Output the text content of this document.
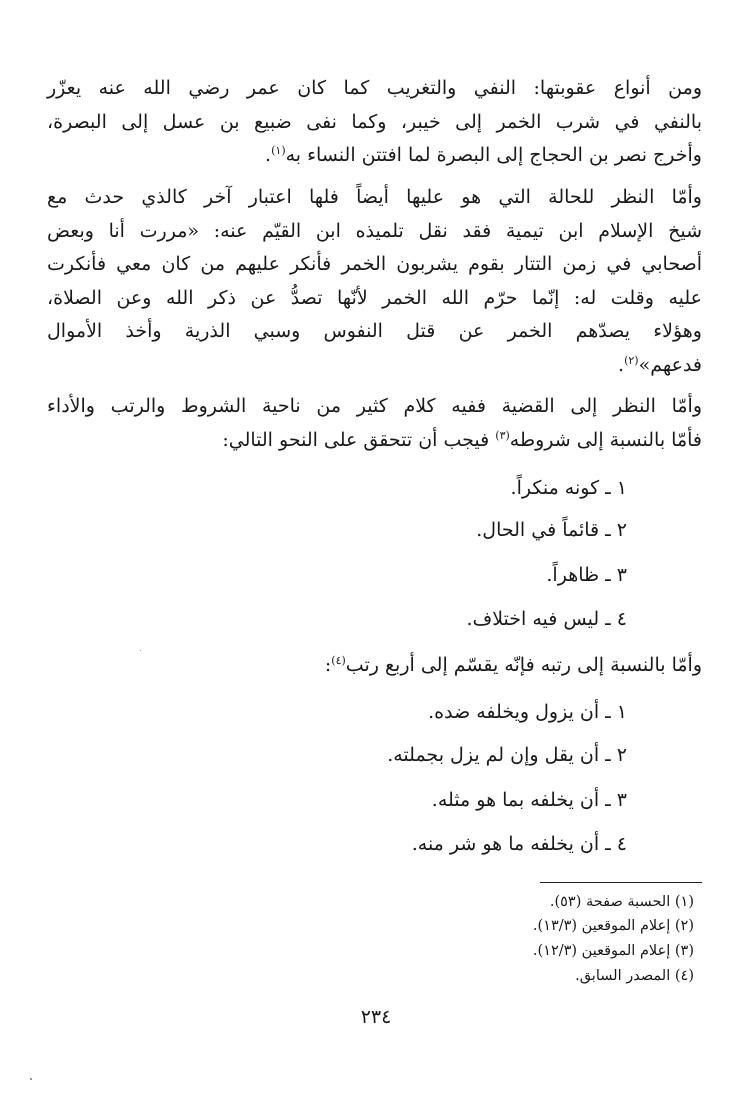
ومن أنواع عقوبتها: النفي والتغريب كما كان عمر رضي الله عنه يعزّر
بالنفي في شرب الخمر إلى خيبر، وكما نفى ضبيع بن عسل إلى البصرة،
وأخرج نصر بن الحجاج إلى البصرة لما افتتن النساء به$^{(١)}$.
وأمّا النظر للحالة التي هو عليها أيضاً فلها اعتبار آخر كالذي حدث مع
شيخ الإسلام ابن تيمية فقد نقل تلميذه ابن القيّم عنه: «مررت أنا وبعض
أصحابي في زمن التتار بقوم يشربون الخمر فأنكر عليهم من كان معي فأنكرت
عليه وقلت له: إنّما حرّم الله الخمر لأنّها تصدُّ عن ذكر الله وعن الصلاة،
وهؤلاء يصدّهم الخمر عن قتل النفوس وسبي الذرية وأخذ الأموال
فدعهم»$^{(٢)}$.
وأمّا النظر إلى القضية ففيه كلام كثير من ناحية الشروط والرتب والأداء
فأمّا بالنسبة إلى شروطه$^{(٣)}$ فيجب أن تتحقق على النحو التالي:

١ ـ كونه منكراً.

٢ ـ قائماً في الحال.

٣ ـ ظاهراً.

٤ ـ ليس فيه اختلاف.

وأمّا بالنسبة إلى رتبه فإنّه يقسّم إلى أربع رتب$^{(٤)}$:

١ ـ أن يزول ويخلفه ضده.

٢ ـ أن يقل وإن لم يزل بجملته.

٣ ـ أن يخلفه بما هو مثله.

٤ ـ أن يخلفه ما هو شر منه.

(١) الحسبة صفحة (٥٣).

(٢) إعلام الموقعين (١٣/٣).

(٣) إعلام الموقعين (١٢/٣).

(٤) المصدر السابق.

٢٣٤
